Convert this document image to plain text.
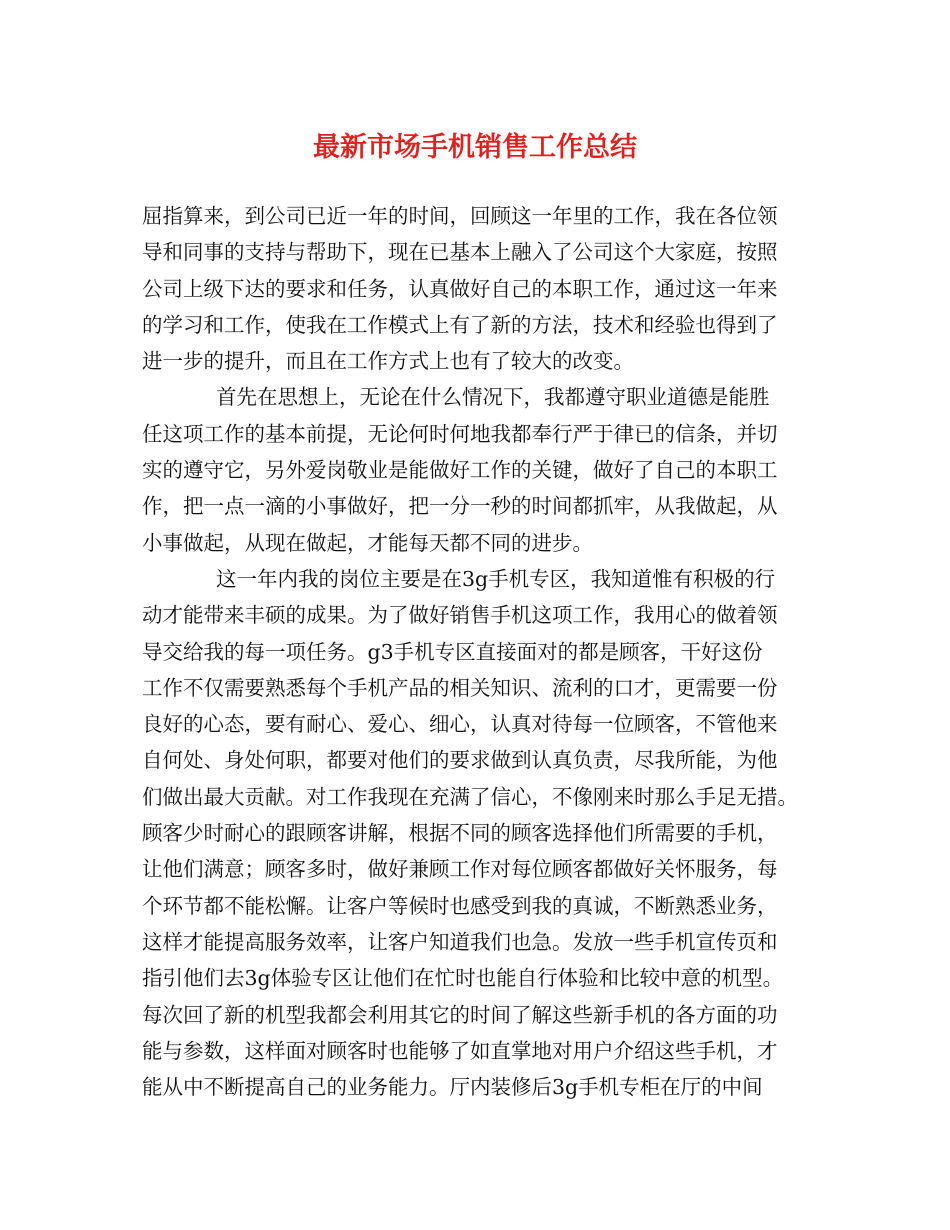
最新市场手机销售工作总结
屈指算来，到公司已近一年的时间，回顾这一年里的工作，我在各位领
导和同事的支持与帮助下，现在已基本上融入了公司这个大家庭，按照
公司上级下达的要求和任务，认真做好自己的本职工作，通过这一年来
的学习和工作，使我在工作模式上有了新的方法，技术和经验也得到了
进一步的提升，而且在工作方式上也有了较大的改变。
首先在思想上，无论在什么情况下，我都遵守职业道德是能胜
任这项工作的基本前提，无论何时何地我都奉行严于律已的信条，并切
实的遵守它，另外爱岗敬业是能做好工作的关键，做好了自己的本职工
作，把一点一滴的小事做好，把一分一秒的时间都抓牢，从我做起，从
小事做起，从现在做起，才能每天都不同的进步。
这一年内我的岗位主要是在3g手机专区，我知道惟有积极的行
动才能带来丰硕的成果。为了做好销售手机这项工作，我用心的做着领
导交给我的每一项任务。g3手机专区直接面对的都是顾客，干好这份
工作不仅需要熟悉每个手机产品的相关知识、流利的口才，更需要一份
良好的心态，要有耐心、爱心、细心，认真对待每一位顾客，不管他来
自何处、身处何职，都要对他们的要求做到认真负责，尽我所能，为他
们做出最大贡献。对工作我现在充满了信心，不像刚来时那么手足无措。
顾客少时耐心的跟顾客讲解，根据不同的顾客选择他们所需要的手机，
让他们满意；顾客多时，做好兼顾工作对每位顾客都做好关怀服务，每
个环节都不能松懈。让客户等候时也感受到我的真诚，不断熟悉业务，
这样才能提高服务效率，让客户知道我们也急。发放一些手机宣传页和
指引他们去3g体验专区让他们在忙时也能自行体验和比较中意的机型。
每次回了新的机型我都会利用其它的时间了解这些新手机的各方面的功
能与参数，这样面对顾客时也能够了如直掌地对用户介绍这些手机，才
能从中不断提高自己的业务能力。厅内装修后3g手机专柜在厅的中间
